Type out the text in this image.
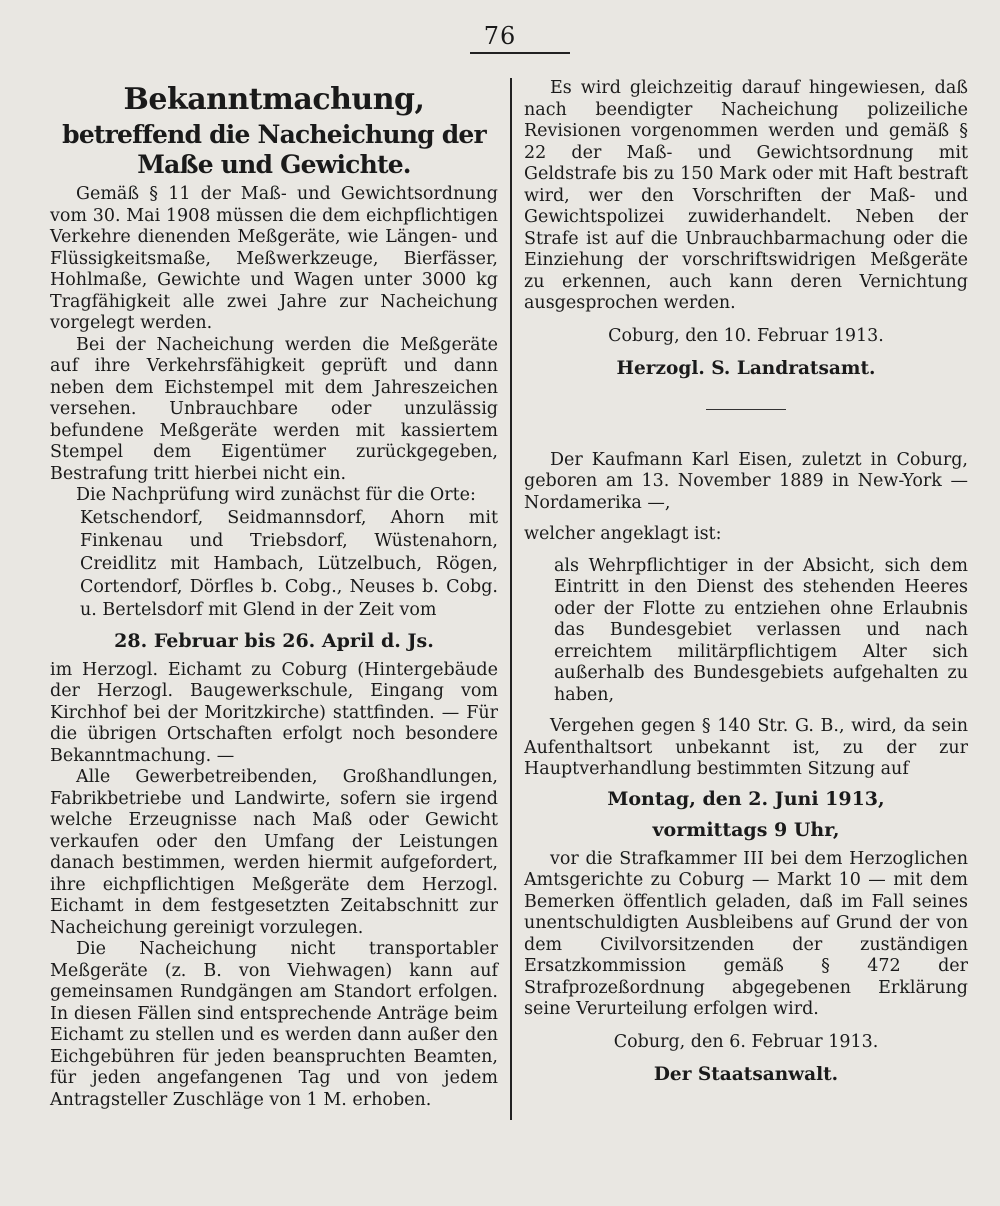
76
Bekanntmachung,
betreffend die Nacheichung der Maße und Gewichte.

Gemäß § 11 der Maß- und Gewichtsordnung vom 30. Mai 1908 müssen die dem eichpflichtigen Verkehre dienenden Meßgeräte, wie Längen- und Flüssigkeitsmaße, Meßwerkzeuge, Bierfässer, Hohlmaße, Gewichte und Wagen unter 3000 kg Tragfähigkeit alle zwei Jahre zur Nacheichung vorgelegt werden.

Bei der Nacheichung werden die Meßgeräte auf ihre Verkehrsfähigkeit geprüft und dann neben dem Eichstempel mit dem Jahreszeichen versehen. Unbrauchbare oder unzulässig befundene Meßgeräte werden mit kassiertem Stempel dem Eigentümer zurückgegeben, Bestrafung tritt hierbei nicht ein.

Die Nachprüfung wird zunächst für die Orte:

Ketschendorf, Seidmannsdorf, Ahorn mit Finkenau und Triebsdorf, Wüstenahorn, Creidlitz mit Hambach, Lützelbuch, Rögen, Cortendorf, Dörfles b. Cobg., Neuses b. Cobg. u. Bertelsdorf mit Glend in der Zeit vom

28. Februar bis 26. April d. Js.

im Herzogl. Eichamt zu Coburg (Hintergebäude der Herzogl. Baugewerkschule, Eingang vom Kirchhof bei der Moritzkirche) stattfinden. — Für die übrigen Ortschaften erfolgt noch besondere Bekanntmachung. —

Alle Gewerbetreibenden, Großhandlungen, Fabrikbetriebe und Landwirte, sofern sie irgend welche Erzeugnisse nach Maß oder Gewicht verkaufen oder den Umfang der Leistungen danach bestimmen, werden hiermit aufgefordert, ihre eichpflichtigen Meßgeräte dem Herzogl. Eichamt in dem festgesetzten Zeitabschnitt zur Nacheichung gereinigt vorzulegen.

Die Nacheichung nicht transportabler Meßgeräte (z. B. von Viehwagen) kann auf gemeinsamen Rundgängen am Standort erfolgen. In diesen Fällen sind entsprechende Anträge beim Eichamt zu stellen und es werden dann außer den Eichgebühren für jeden beanspruchten Beamten, für jeden angefangenen Tag und von jedem Antragsteller Zuschläge von 1 M. erhoben.

Es wird gleichzeitig darauf hingewiesen, daß nach beendigter Nacheichung polizeiliche Revisionen vorgenommen werden und gemäß § 22 der Maß- und Gewichtsordnung mit Geldstrafe bis zu 150 Mark oder mit Haft bestraft wird, wer den Vorschriften der Maß- und Gewichtspolizei zuwiderhandelt. Neben der Strafe ist auf die Unbrauchbarmachung oder die Einziehung der vorschriftswidrigen Meßgeräte zu erkennen, auch kann deren Vernichtung ausgesprochen werden.

Coburg, den 10. Februar 1913.
Herzogl. S. Landratsamt.

Der Kaufmann Karl Eisen, zuletzt in Coburg, geboren am 13. November 1889 in New-York — Nordamerika —,

welcher angeklagt ist:

als Wehrpflichtiger in der Absicht, sich dem Eintritt in den Dienst des stehenden Heeres oder der Flotte zu entziehen ohne Erlaubnis das Bundesgebiet verlassen und nach erreichtem militärpflichtigem Alter sich außerhalb des Bundesgebiets aufgehalten zu haben,

Vergehen gegen § 140 Str. G. B., wird, da sein Aufenthaltsort unbekannt ist, zu der zur Hauptverhandlung bestimmten Sitzung auf

Montag, den 2. Juni 1913,
vormittags 9 Uhr,

vor die Strafkammer III bei dem Herzoglichen Amtsgerichte zu Coburg — Markt 10 — mit dem Bemerken öffentlich geladen, daß im Fall seines unentschuldigten Ausbleibens auf Grund der von dem Civilvorsitzenden der zuständigen Ersatzkommission gemäß § 472 der Strafprozeßordnung abgegebenen Erklärung seine Verurteilung erfolgen wird.

Coburg, den 6. Februar 1913.
Der Staatsanwalt.
